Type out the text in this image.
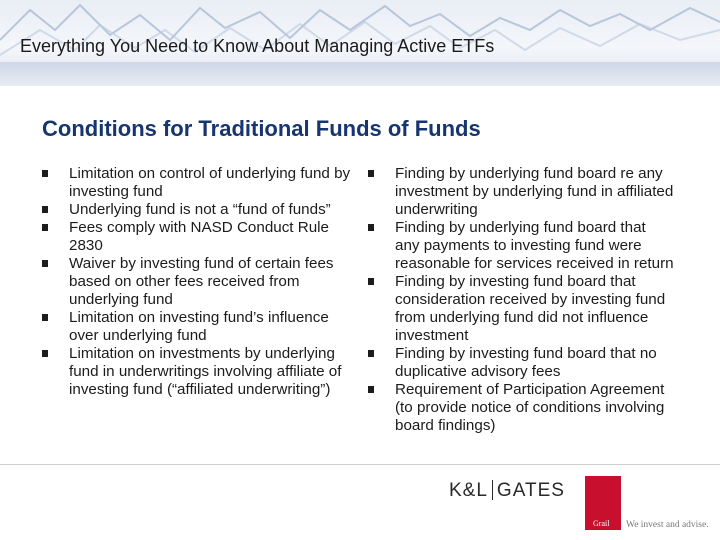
Everything You Need to Know About Managing Active ETFs
Conditions for Traditional Funds of Funds
Limitation on control of underlying fund by investing fund
Underlying fund is not a “fund of funds”
Fees comply with NASD Conduct Rule 2830
Waiver by investing fund of certain fees based on other fees received from underlying fund
Limitation on investing fund’s influence over underlying fund
Limitation on investments by underlying fund in underwritings involving affiliate of investing fund (“affiliated underwriting”)
Finding by underlying fund board re any investment by underlying fund in affiliated underwriting
Finding by underlying fund board that any payments to investing fund were reasonable for services received in return
Finding by investing fund board that consideration received by investing fund from underlying fund did not influence investment
Finding by investing fund board that no duplicative advisory fees
Requirement of Participation Agreement (to provide notice of conditions involving board findings)
K&L GATES
Grail We invest and advise.
